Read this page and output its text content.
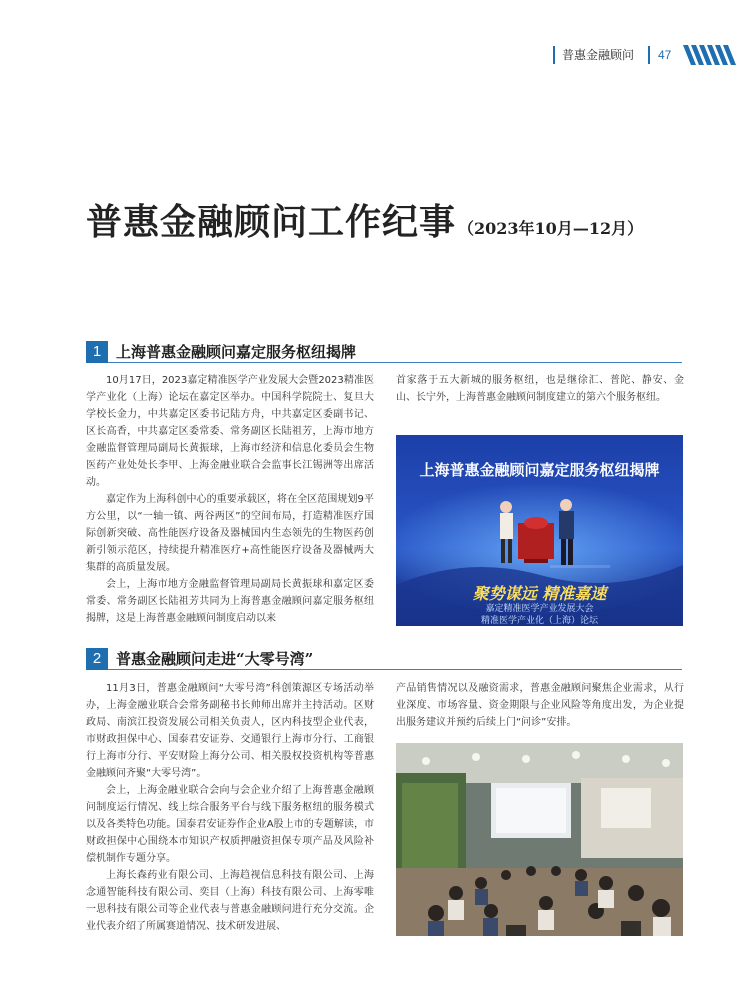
普惠金融顾问 47
普惠金融顾问工作纪事 （2023年10月—12月）
1 上海普惠金融顾问嘉定服务枢纽揭牌

10月17日，2023嘉定精准医学产业发展大会暨2023精准医学产业化（上海）论坛在嘉定区举办。中国科学院院士、复旦大学校长金力，中共嘉定区委书记陆方舟，中共嘉定区委副书记、区长高香，中共嘉定区委常委、常务副区长陆祖芳，上海市地方金融监督管理局副局长黄振球，上海市经济和信息化委员会生物医药产业处处长李甲、上海金融业联合会监事长江锡洲等出席活动。

嘉定作为上海科创中心的重要承载区，将在全区范围规划9平方公里，以“一轴一镇、两谷两区”的空间布局，打造精准医疗国际创新突破、高性能医疗设备及器械国内生态领先的生物医药创新引领示范区，持续提升精准医疗+高性能医疗设备及器械两大集群的高质量发展。

会上，上海市地方金融监督管理局副局长黄振球和嘉定区委常委、常务副区长陆祖芳共同为上海普惠金融顾问嘉定服务枢纽揭牌，这是上海普惠金融顾问制度启动以来

首家落于五大新城的服务枢纽，也是继徐汇、普陀、静安、金山、长宁外，上海普惠金融顾问制度建立的第六个服务枢纽。

上海普惠金融顾问嘉定服务枢纽揭牌
聚势谋远 精准嘉速
嘉定精准医学产业发展大会
精准医学产业化（上海）论坛
2 普惠金融顾问走进“大零号湾”

11月3日，普惠金融顾问“大零号湾”科创策源区专场活动举办，上海金融业联合会常务副秘书长帅师出席并主持活动。区财政局、南滨江投资发展公司相关负责人，区内科技型企业代表，市财政担保中心、国泰君安证券、交通银行上海市分行、工商银行上海市分行、平安财险上海分公司、相关股权投资机构等普惠金融顾问齐聚“大零号湾”。

会上，上海金融业联合会向与会企业介绍了上海普惠金融顾问制度运行情况、线上综合服务平台与线下服务枢纽的服务模式以及各类特色功能。国泰君安证券作企业A股上市的专题解读，市财政担保中心围绕本市知识产权质押融资担保专项产品及风险补偿机制作专题分享。

上海长森药业有限公司、上海趋视信息科技有限公司、上海念通智能科技有限公司、奕目（上海）科技有限公司、上海零唯一思科技有限公司等企业代表与普惠金融顾问进行充分交流。企业代表介绍了所属赛道情况、技术研发进展、

产品销售情况以及融资需求，普惠金融顾问聚焦企业需求，从行业深度、市场容量、资金期限与企业风险等角度出发，为企业提出服务建议并预约后续上门“问诊”安排。
